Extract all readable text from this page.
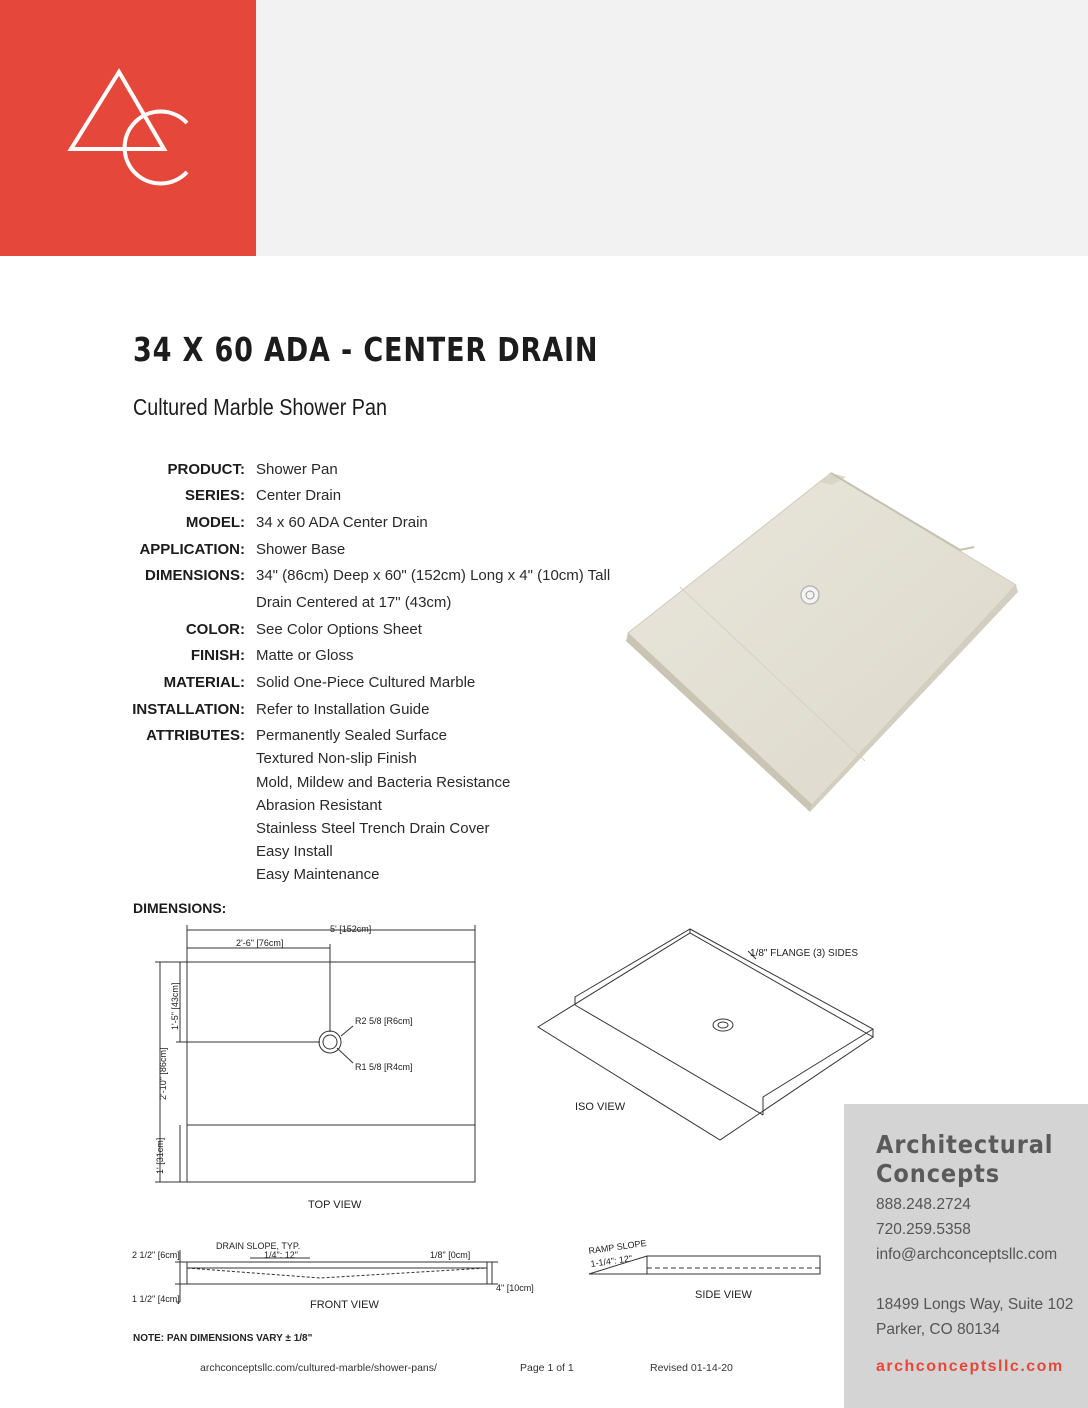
34 X 60 ADA - CENTER DRAIN
Cultured Marble Shower Pan
PRODUCT: Shower Pan
SERIES: Center Drain
MODEL: 34 x 60 ADA Center Drain
APPLICATION: Shower Base
DIMENSIONS: 34" (86cm) Deep x 60" (152cm) Long x 4" (10cm) Tall
Drain Centered at 17" (43cm)
COLOR: See Color Options Sheet
FINISH: Matte or Gloss
MATERIAL: Solid One-Piece Cultured Marble
INSTALLATION: Refer to Installation Guide
ATTRIBUTES: Permanently Sealed Surface
Textured Non-slip Finish
Mold, Mildew and Bacteria Resistance
Abrasion Resistant
Stainless Steel Trench Drain Cover
Easy Install
Easy Maintenance
DIMENSIONS:
5' [152cm]
2'-6" [76cm]
R2 5/8 [R6cm]
R1 5/8 [R4cm]
2'-10" [86cm]
1'-5" [43cm]
1' [31cm]
TOP VIEW
ISO VIEW
1/8" FLANGE (3) SIDES
DRAIN SLOPE, TYP.
1/4": 12"
2 1/2" [6cm]
1 1/2" [4cm]
1/8" [0cm]
4" [10cm]
FRONT VIEW
RAMP SLOPE
1-1/4": 12"
SIDE VIEW
NOTE: PAN DIMENSIONS VARY ± 1/8"
Architectural
Concepts
888.248.2724
720.259.5358
info@archconceptsllc.com
18499 Longs Way, Suite 102
Parker, CO 80134
archconceptsllc.com
archconceptsllc.com/cultured-marble/shower-pans/	Page 1 of 1	Revised 01-14-20
